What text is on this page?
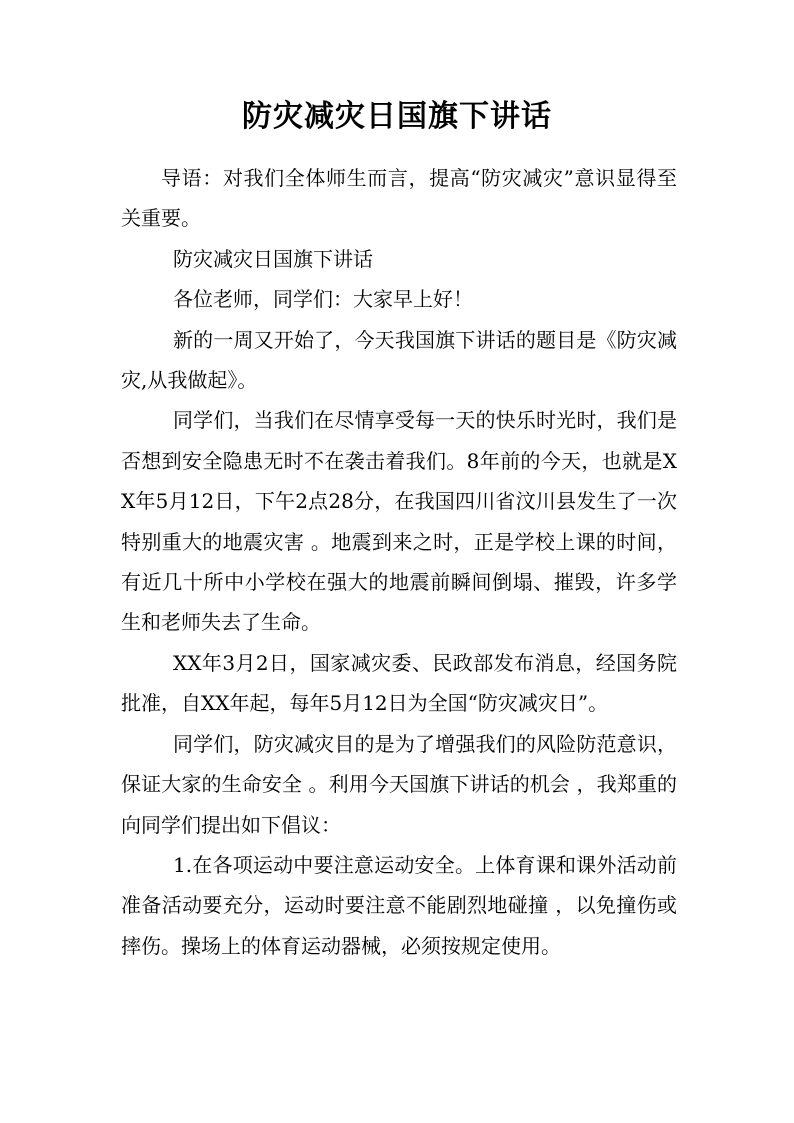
防灾减灾日国旗下讲话

导语：对我们全体师生而言，提高“防灾减灾”意识显得至关重要。

防灾减灾日国旗下讲话

各位老师，同学们：大家早上好！

新的一周又开始了，今天我国旗下讲话的题目是《防灾减灾,从我做起》。

同学们，当我们在尽情享受每一天的快乐时光时，我们是否想到安全隐患无时不在袭击着我们。8年前的今天，也就是XX年5月12日，下午2点28分，在我国四川省汶川县发生了一次特别重大的地震灾害 。地震到来之时，正是学校上课的时间，有近几十所中小学校在强大的地震前瞬间倒塌、摧毁，许多学生和老师失去了生命。

XX年3月2日，国家减灾委、民政部发布消息，经国务院批准，自XX年起，每年5月12日为全国“防灾减灾日”。

同学们，防灾减灾目的是为了增强我们的风险防范意识，保证大家的生命安全 。利用今天国旗下讲话的机会 ，我郑重的向同学们提出如下倡议：

1.在各项运动中要注意运动安全。上体育课和课外活动前准备活动要充分，运动时要注意不能剧烈地碰撞 ，以免撞伤或摔伤。操场上的体育运动器械，必须按规定使用。
